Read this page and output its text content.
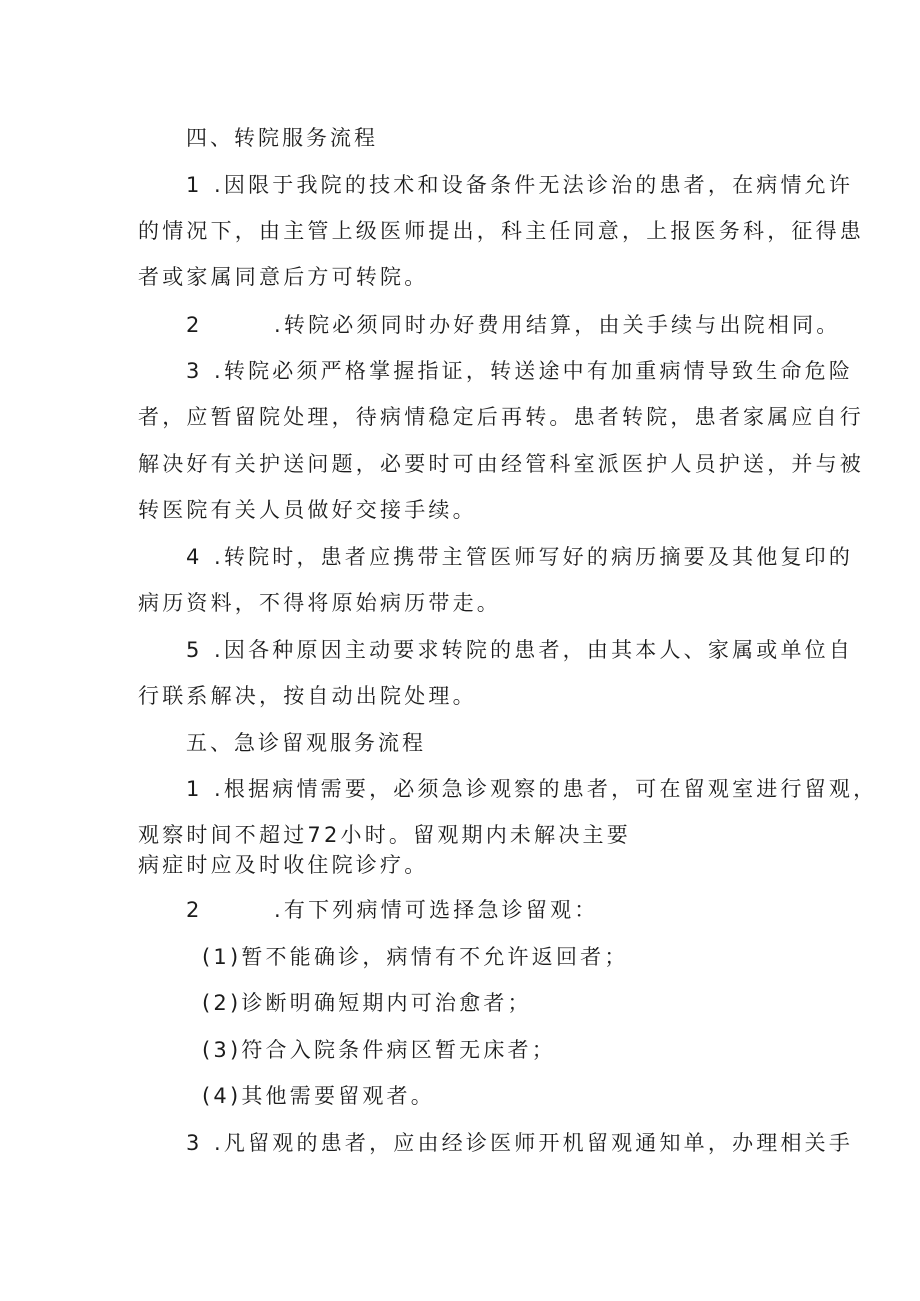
四、转院服务流程
1 .因限于我院的技术和设备条件无法诊治的患者，在病情允许
的情况下，由主管上级医师提出，科主任同意，上报医务科，征得患
者或家属同意后方可转院。
2	.转院必须同时办好费用结算，由关手续与出院相同。
3 .转院必须严格掌握指证，转送途中有加重病情导致生命危险
者，应暂留院处理，待病情稳定后再转。患者转院，患者家属应自行
解决好有关护送问题，必要时可由经管科室派医护人员护送，并与被
转医院有关人员做好交接手续。
4 .转院时，患者应携带主管医师写好的病历摘要及其他复印的
病历资料，不得将原始病历带走。
5 .因各种原因主动要求转院的患者，由其本人、家属或单位自
行联系解决，按自动出院处理。
五、急诊留观服务流程
1 .根据病情需要，必须急诊观察的患者，可在留观室进行留观，
观察时间不超过72小时。留观期内未解决主要
病症时应及时收住院诊疗。
2	.有下列病情可选择急诊留观：
(1)暂不能确诊，病情有不允许返回者；
(2)诊断明确短期内可治愈者；
(3)符合入院条件病区暂无床者；
(4)其他需要留观者。
3 .凡留观的患者，应由经诊医师开机留观通知单，办理相关手
